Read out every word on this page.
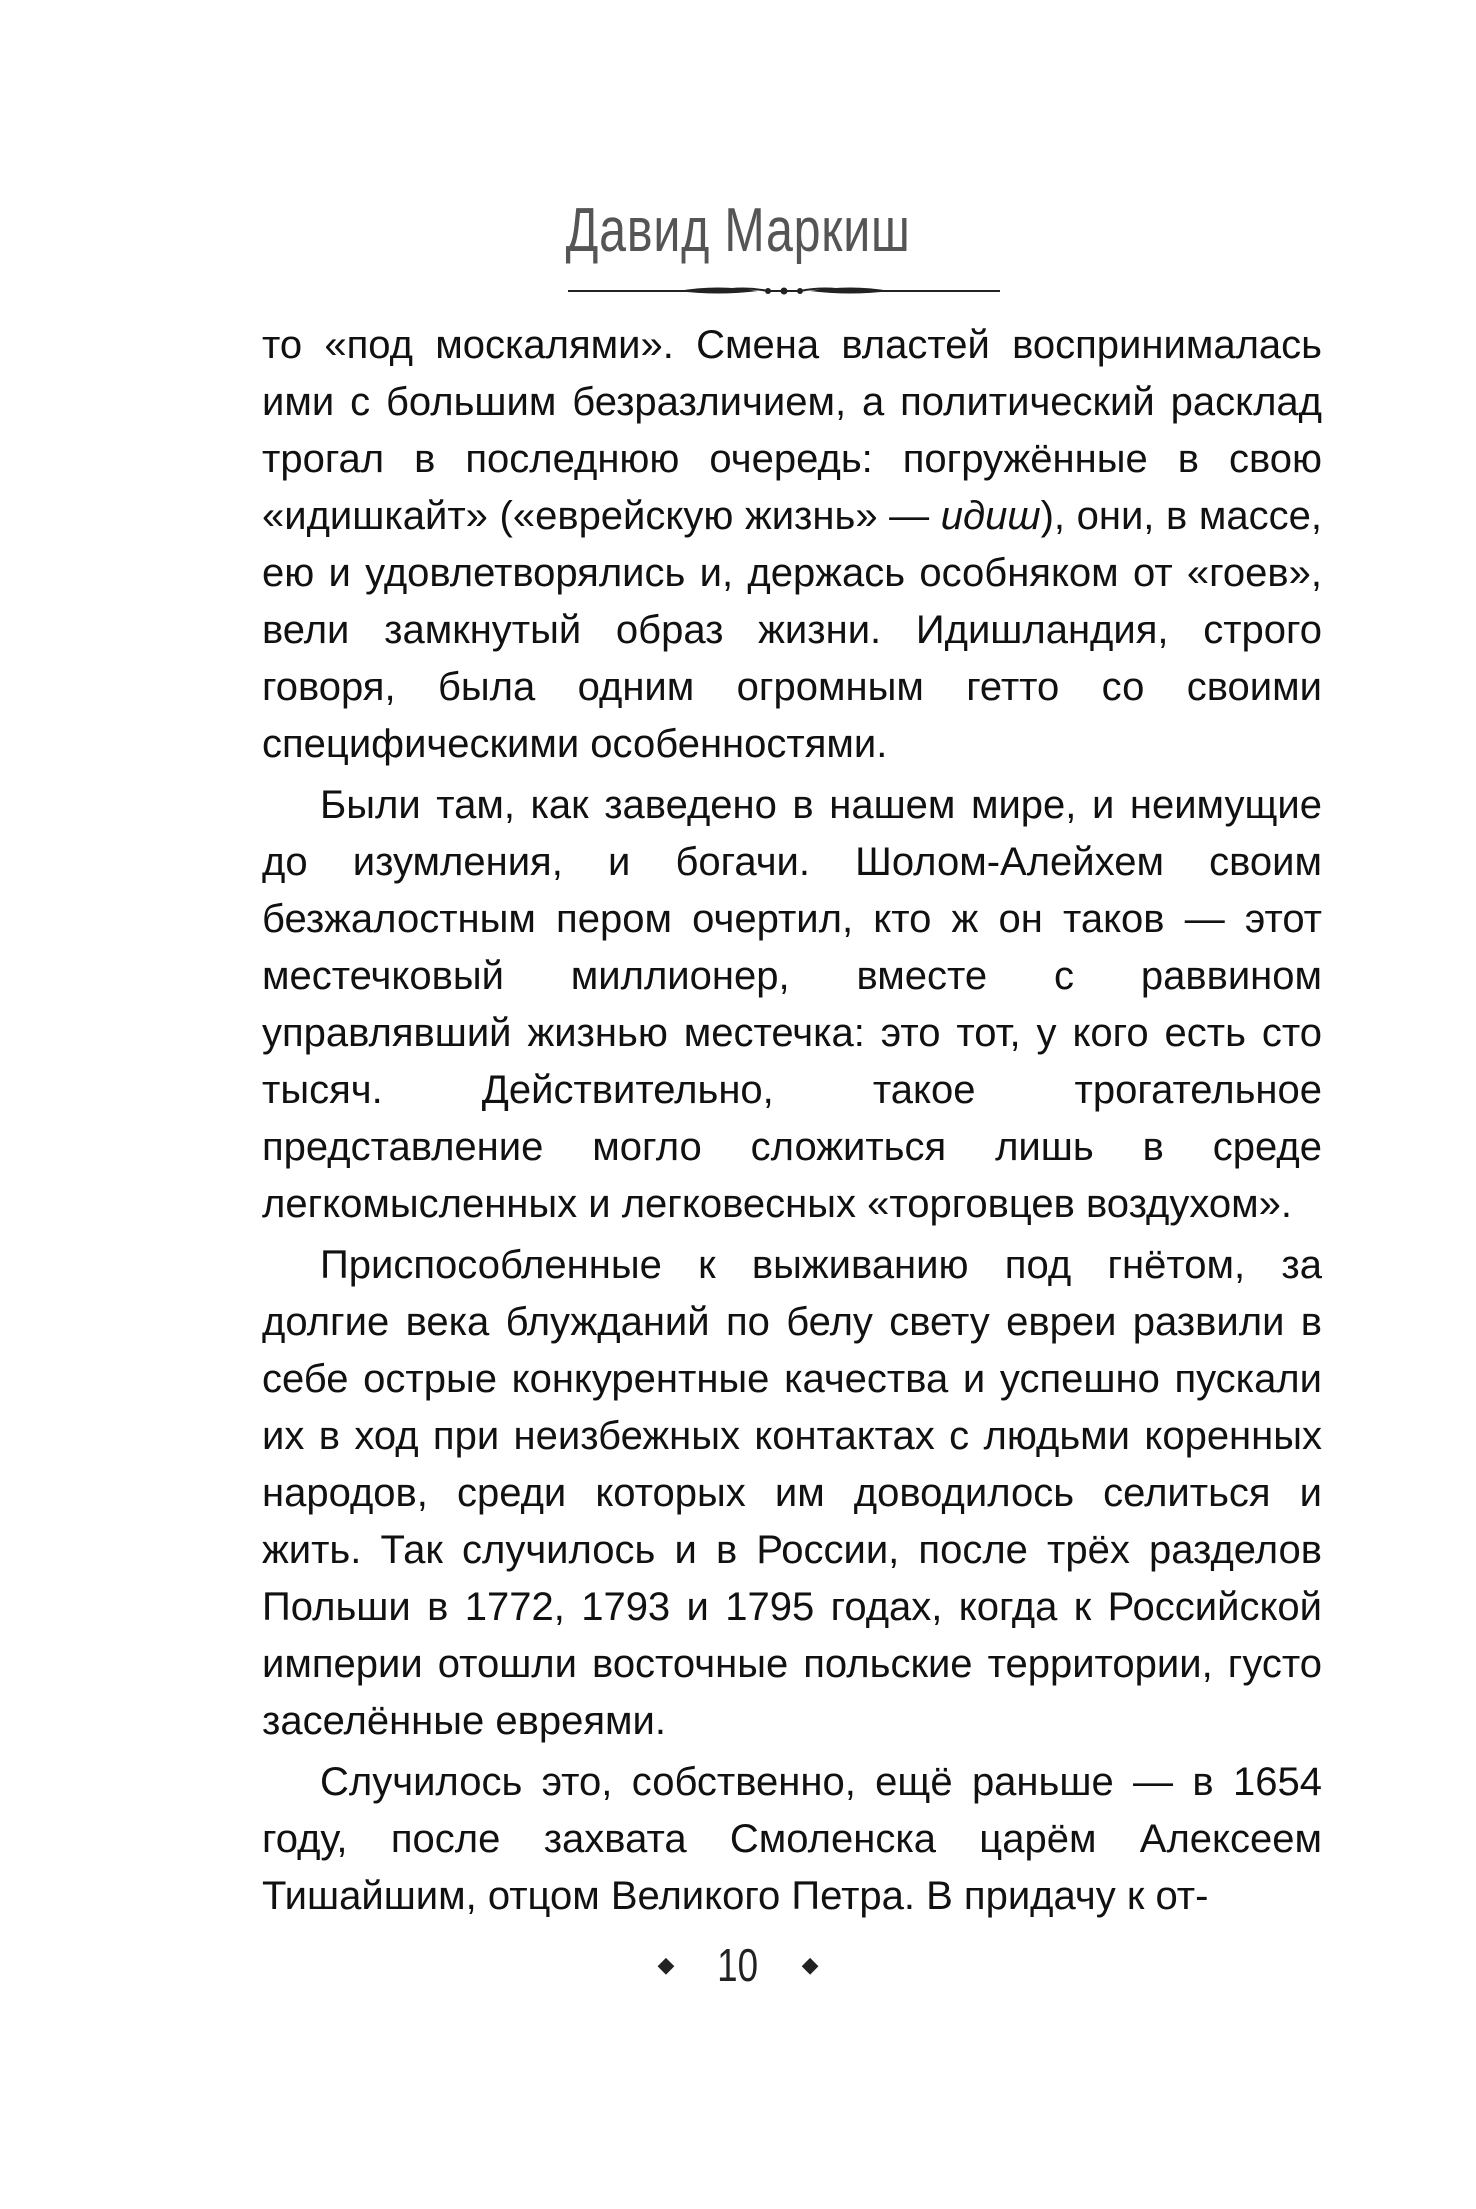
Давид Маркиш

то «под москалями». Смена властей воспринималась ими с большим безразличием, а политический расклад трогал в последнюю очередь: погружённые в свою «идишкайт» («еврейскую жизнь» — идиш), они, в массе, ею и удовлетворялись и, держась особняком от «гоев», вели замкнутый образ жизни. Идишландия, строго говоря, была одним огромным гетто со своими специфическими особенностями.

Были там, как заведено в нашем мире, и неимущие до изумления, и богачи. Шолом-Алейхем своим безжалостным пером очертил, кто ж он таков — этот местечковый миллионер, вместе с раввином управлявший жизнью местечка: это тот, у кого есть сто тысяч. Действительно, такое трогательное представление могло сложиться лишь в среде легкомысленных и легковесных «торговцев воздухом».

Приспособленные к выживанию под гнётом, за долгие века блужданий по белу свету евреи развили в себе острые конкурентные качества и успешно пускали их в ход при неизбежных контактах с людьми коренных народов, среди которых им доводилось селиться и жить. Так случилось и в России, после трёх разделов Польши в 1772, 1793 и 1795 годах, когда к Российской империи отошли восточные польские территории, густо заселённые евреями.

Случилось это, собственно, ещё раньше — в 1654 году, после захвата Смоленска царём Алексеем Тишайшим, отцом Великого Петра. В придачу к от-

◆ 10 ◆
